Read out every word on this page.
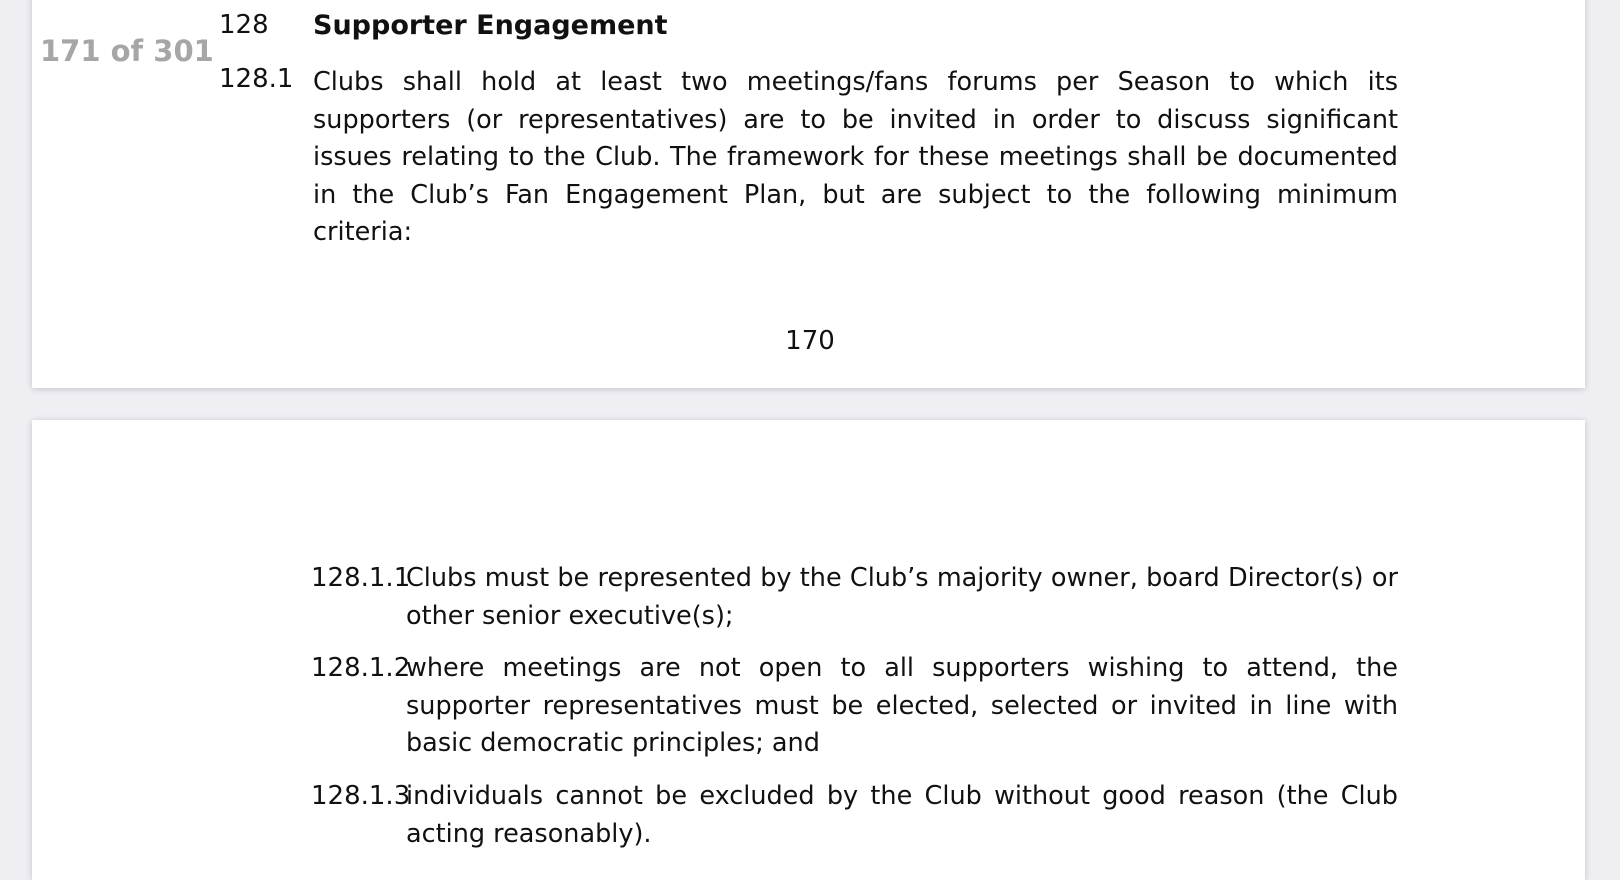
128 Supporter Engagement
128.1 Clubs shall hold at least two meetings/fans forums per Season to which its supporters (or representatives) are to be invited in order to discuss significant issues relating to the Club. The framework for these meetings shall be documented in the Club’s Fan Engagement Plan, but are subject to the following minimum criteria:
170
128.1.1
Clubs must be represented by the Club’s majority owner, board Director(s) or other senior executive(s);
128.1.2
where meetings are not open to all supporters wishing to attend, the supporter representatives must be elected, selected or invited in line with basic democratic principles; and
128.1.3
individuals cannot be excluded by the Club without good reason (the Club acting reasonably).
171 of 301
